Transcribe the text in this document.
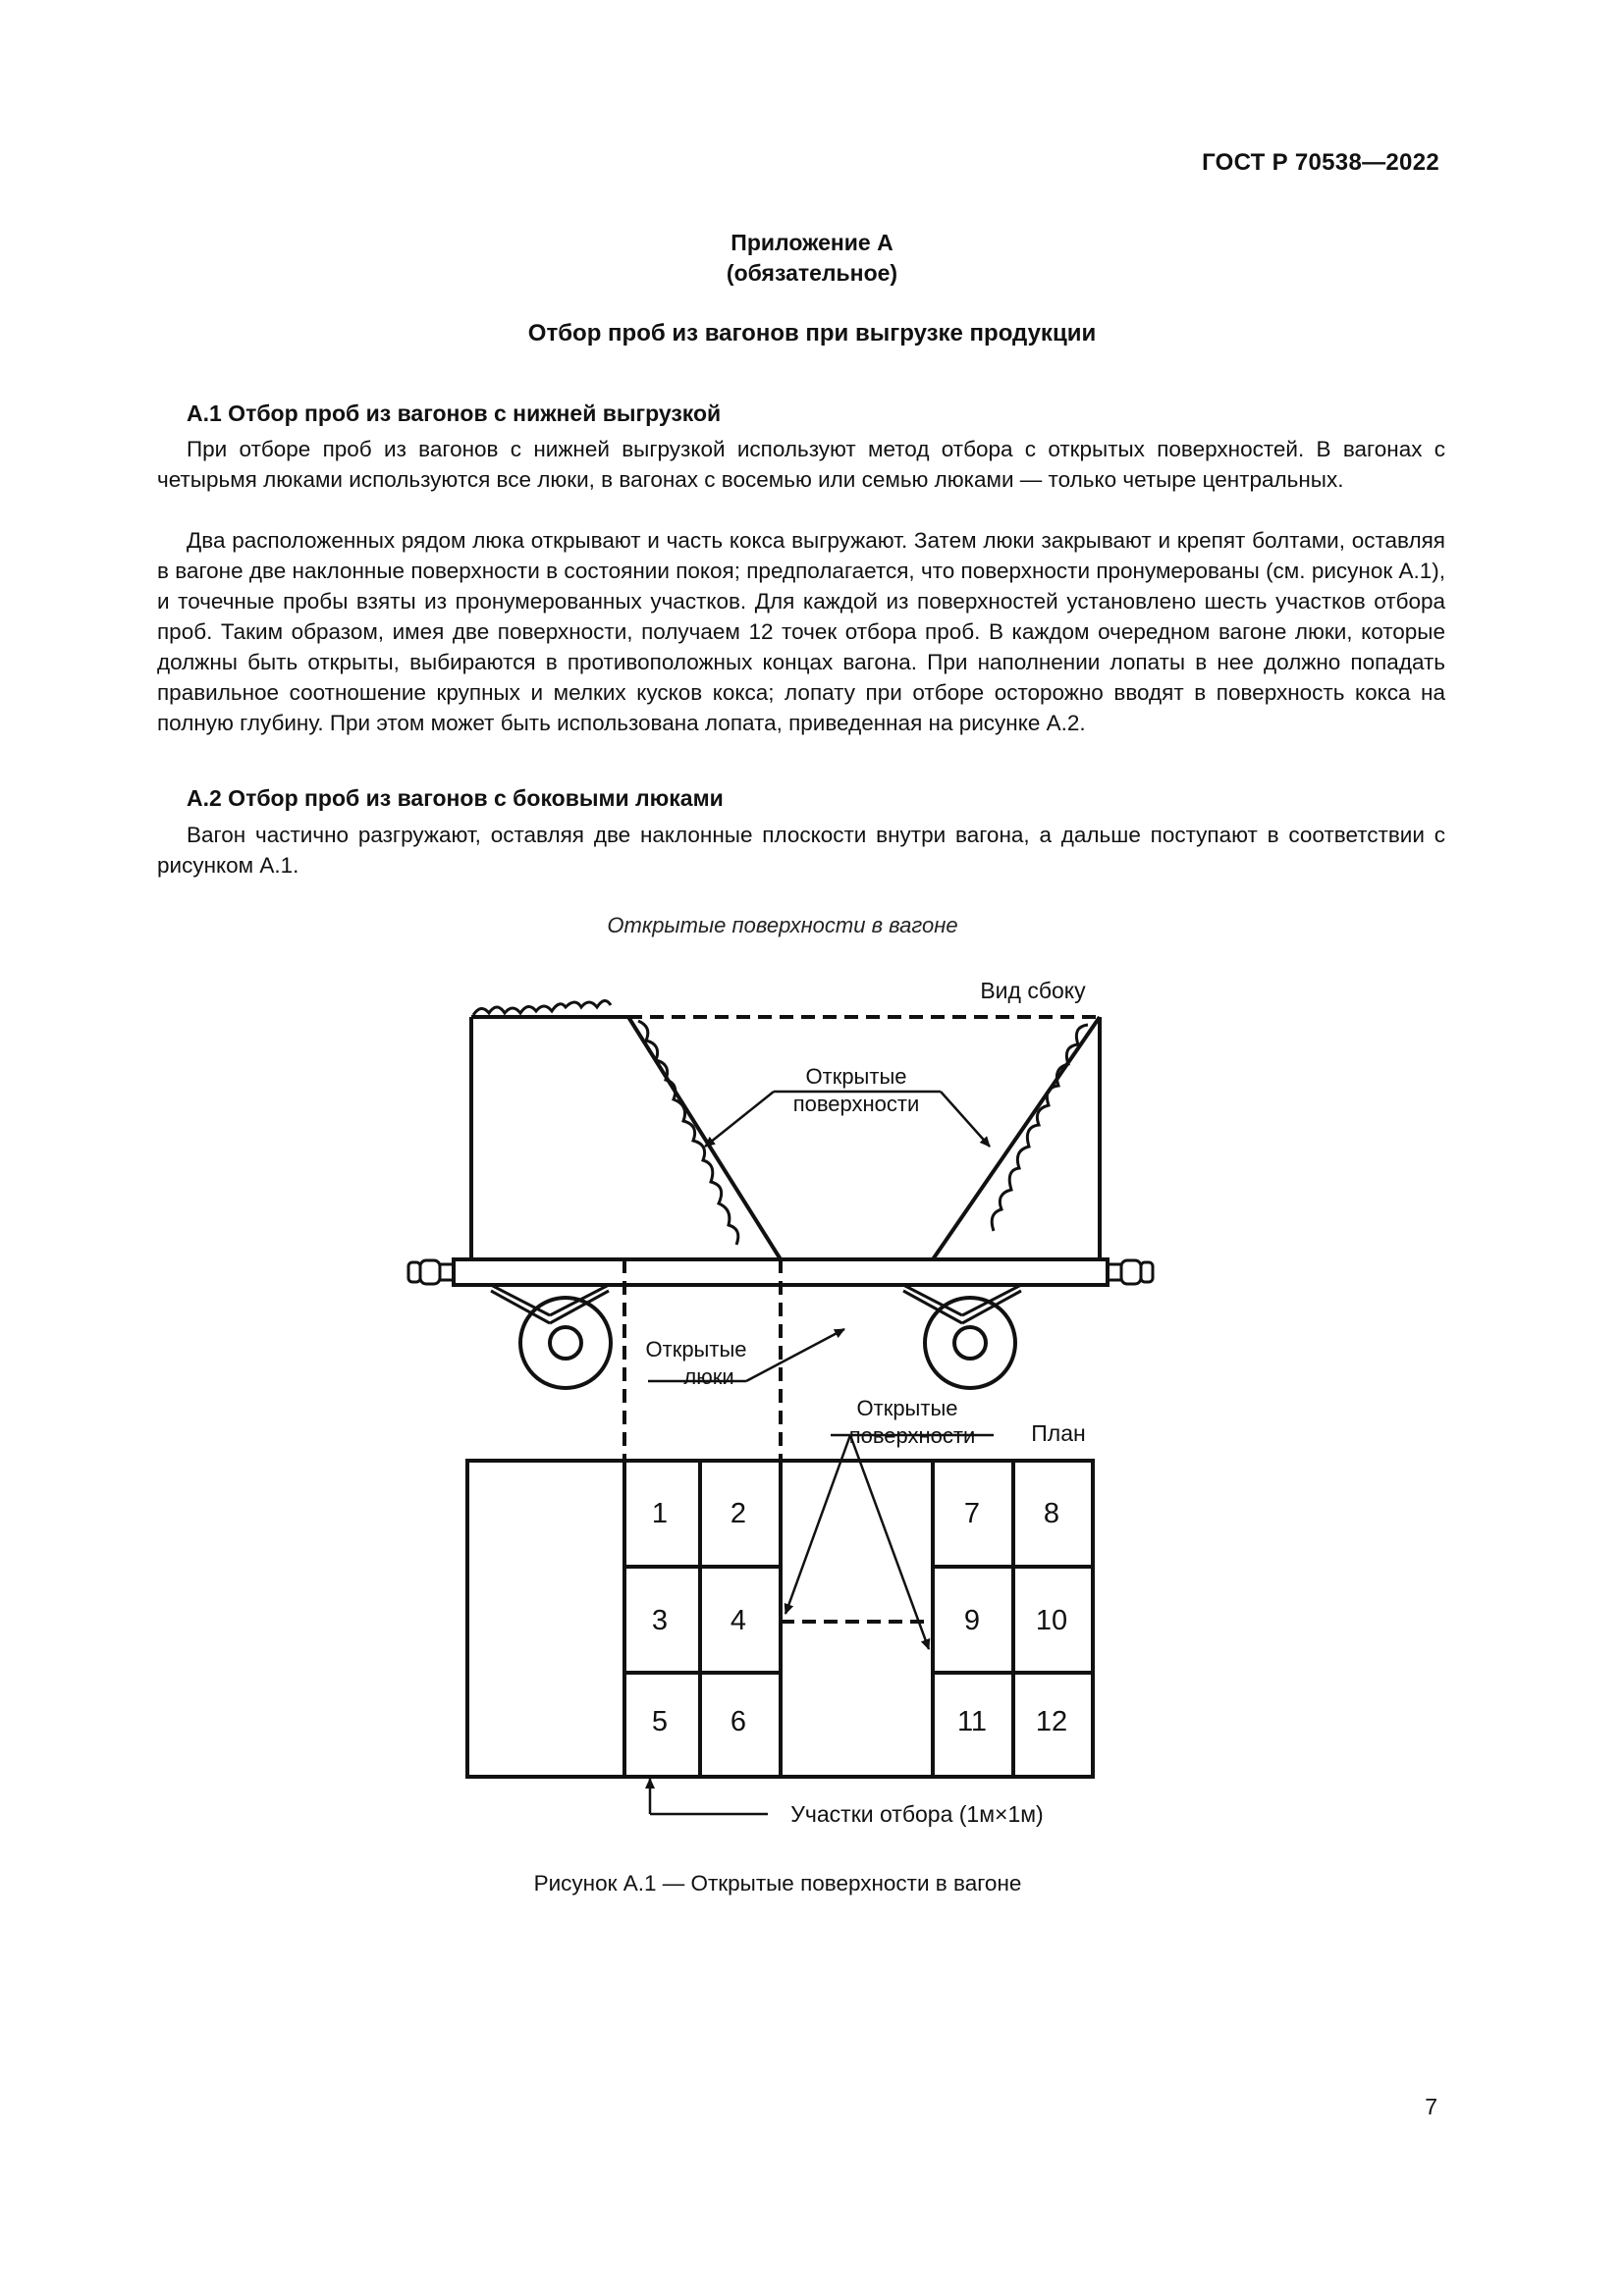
ГОСТ Р 70538—2022
Приложение А
(обязательное)
Отбор проб из вагонов при выгрузке продукции
А.1 Отбор проб из вагонов с нижней выгрузкой

При отборе проб из вагонов с нижней выгрузкой используют метод отбора с открытых поверхностей. В вагонах с четырьмя люками используются все люки, в вагонах с восемью или семью люками — только четыре центральных.

Два расположенных рядом люка открывают и часть кокса выгружают. Затем люки закрывают и крепят болтами, оставляя в вагоне две наклонные поверхности в состоянии покоя; предполагается, что поверхности пронумерованы (см. рисунок А.1), и точечные пробы взяты из пронумерованных участков. Для каждой из поверхностей установлено шесть участков отбора проб. Таким образом, имея две поверхности, получаем 12 точек отбора проб. В каждом очередном вагоне люки, которые должны быть открыты, выбираются в противоположных концах вагона. При наполнении лопаты в нее должно попадать правильное соотношение крупных и мелких кусков кокса; лопату при отборе осторожно вводят в поверхность кокса на полную глубину. При этом может быть использована лопата, приведенная на рисунке А.2.

А.2 Отбор проб из вагонов с боковыми люками

Вагон частично разгружают, оставляя две наклонные плоскости внутри вагона, а дальше поступают в соответствии с рисунком А.1.

Открытые поверхности в вагоне
Вид сбоку
Открытые
поверхности
Открытые
люки
Открытые
поверхности План
1 2
3 4
5 6
7 8
9 10
11 12
Участки отбора (1м×1м)
Рисунок А.1 — Открытые поверхности в вагоне
7
